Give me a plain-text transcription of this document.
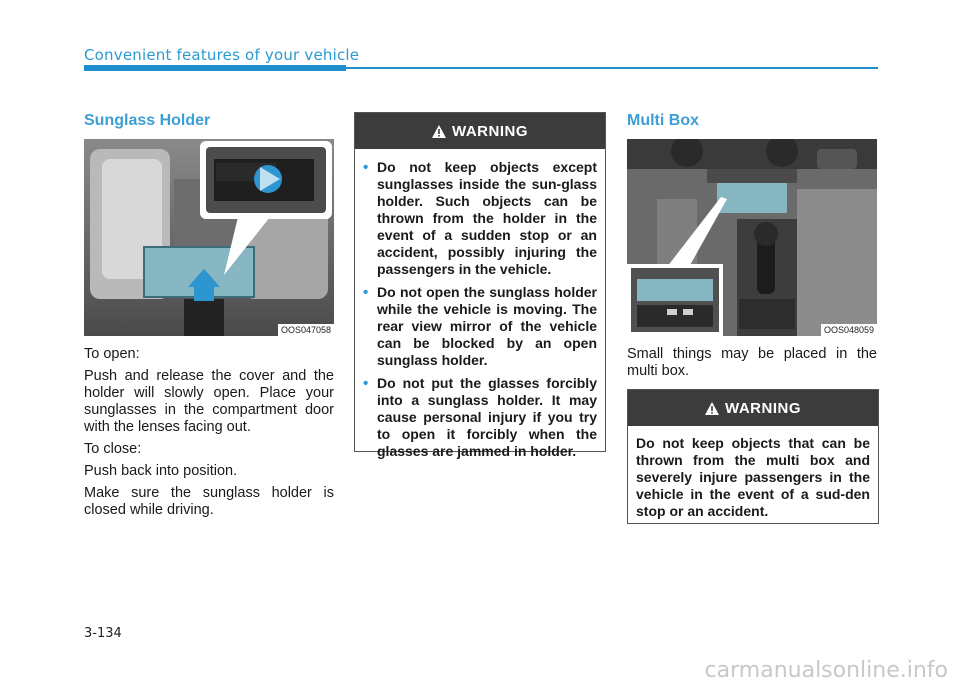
Convenient features of your vehicle
Sunglass Holder
OOS047058

To open:

Push and release the cover and the holder will slowly open. Place your sunglasses in the compartment door with the lenses facing out.

To close:

Push back into position.

Make sure the sunglass holder is closed while driving.

WARNING
• Do not keep objects except sunglasses inside the sun-glass holder. Such objects can be thrown from the holder in the event of a sudden stop or an accident, possibly injuring the passengers in the vehicle.
• Do not open the sunglass holder while the vehicle is moving. The rear view mirror of the vehicle can be blocked by an open sunglass holder.
• Do not put the glasses forcibly into a sunglass holder. It may cause personal injury if you try to open it forcibly when the glasses are jammed in holder.
Multi Box
OOS048059

Small things may be placed in the multi box.

WARNING
Do not keep objects that can be thrown from the multi box and severely injure passengers in the vehicle in the event of a sud-den stop or an accident.
3-134
carmanualsonline.info
